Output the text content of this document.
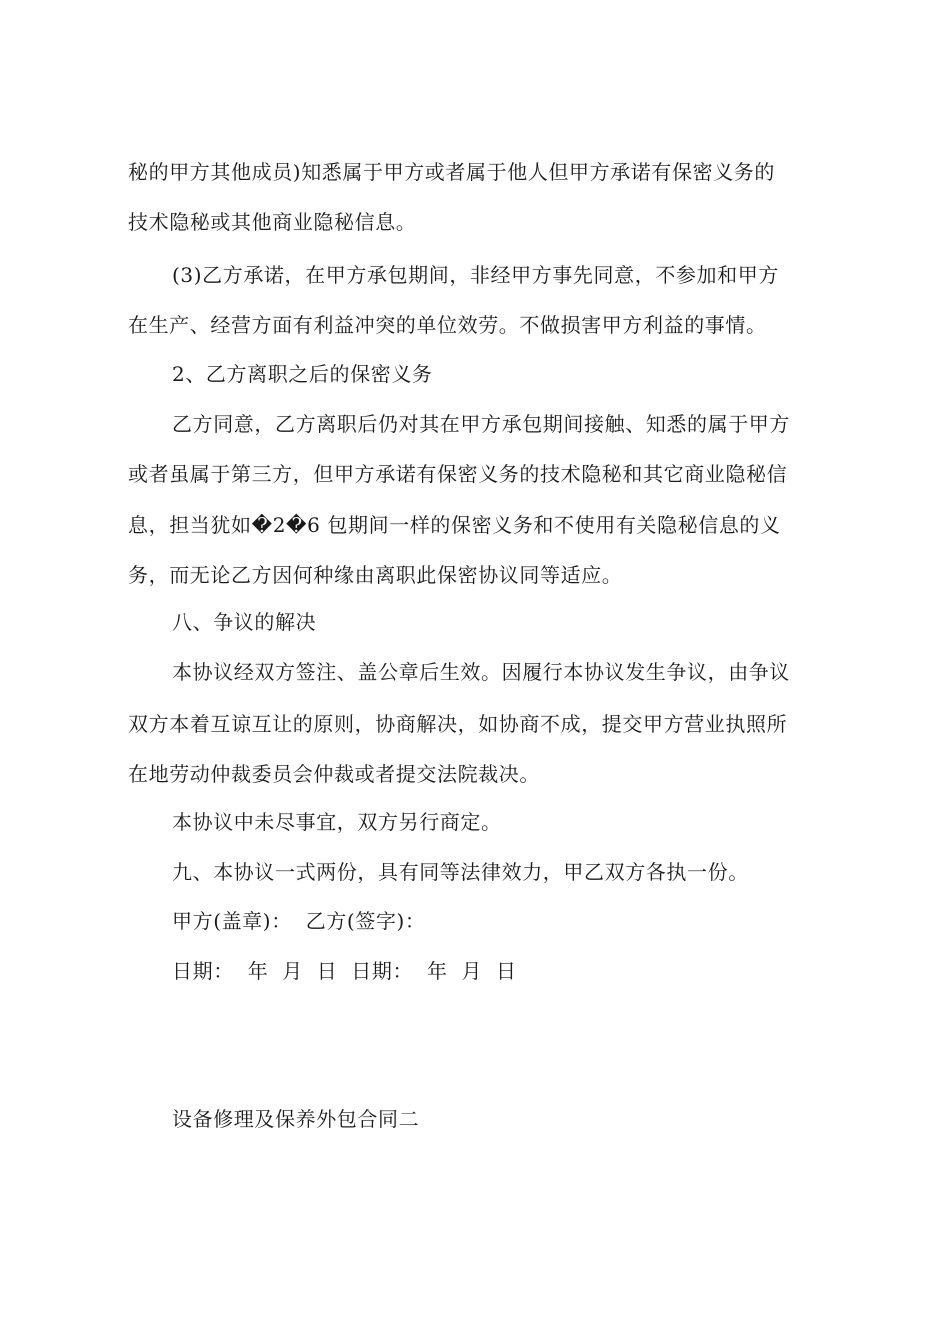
秘的甲方其他成员)知悉属于甲方或者属于他人但甲方承诺有保密义务的
技术隐秘或其他商业隐秘信息。
(3)乙方承诺，在甲方承包期间，非经甲方事先同意，不参加和甲方
在生产、经营方面有利益冲突的单位效劳。不做损害甲方利益的事情。
2、乙方离职之后的保密义务
乙方同意，乙方离职后仍对其在甲方承包期间接触、知悉的属于甲方
或者虽属于第三方，但甲方承诺有保密义务的技术隐秘和其它商业隐秘信
息，担当犹如�2�6 包期间一样的保密义务和不使用有关隐秘信息的义
务，而无论乙方因何种缘由离职此保密协议同等适应。
八、争议的解决
本协议经双方签注、盖公章后生效。因履行本协议发生争议，由争议
双方本着互谅互让的原则，协商解决，如协商不成，提交甲方营业执照所
在地劳动仲裁委员会仲裁或者提交法院裁决。
本协议中未尽事宜，双方另行商定。
九、本协议一式两份，具有同等法律效力，甲乙双方各执一份。
甲方(盖章)：  乙方(签字)：
日期：  年  月  日  日期：  年  月  日
设备修理及保养外包合同二
